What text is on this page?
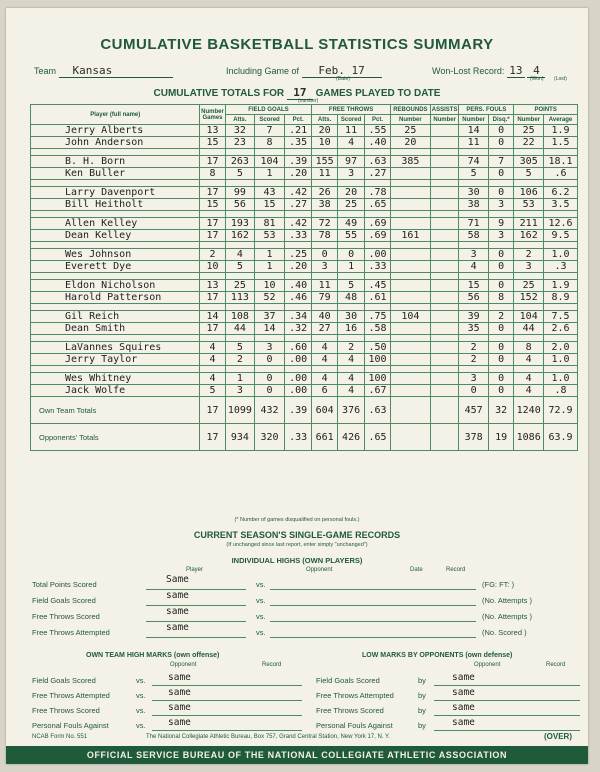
CUMULATIVE BASKETBALL STATISTICS SUMMARY
Team Kansas	Including Game of Feb. 17
(Date)
Won-Lost Record: 13 4
(Won) (Lost)
CUMULATIVE TOTALS FOR 17 GAMES PLAYED TO DATE
(number)
Player (full name)	Number Games	FIELD GOALS			FREE THROWS			REBOUNDS	ASSISTS	PERS. FOULS		POINTS	
		Atts.	Scored	Pct.	Atts.	Scored	Pct.	Number	Number	Number	Disq.*	Number	Average
Jerry Alberts	13	32	7	.21	20	11	.55	25		14	0	25	1.9
John Anderson	15	23	8	.35	10	4	.40	20		11	0	22	1.5

B. H. Born	17	263	104	.39	155	97	.63	385		74	7	305	18.1
Ken Buller	8	5	1	.20	11	3	.27			5	0	5	.6

Larry Davenport	17	99	43	.42	26	20	.78			30	0	106	6.2
Bill Heitholt	15	56	15	.27	38	25	.65			38	3	53	3.5

Allen Kelley	17	193	81	.42	72	49	.69			71	9	211	12.6
Dean Kelley	17	162	53	.33	78	55	.69	161		58	3	162	9.5

Wes Johnson	2	4	1	.25	0	0	.00			3	0	2	1.0
Everett Dye	10	5	1	.20	3	1	.33			4	0	3	.3

Eldon Nicholson	13	25	10	.40	11	5	.45			15	0	25	1.9
Harold Patterson	17	113	52	.46	79	48	.61			56	8	152	8.9

Gil Reich	14	108	37	.34	40	30	.75	104		39	2	104	7.5
Dean Smith	17	44	14	.32	27	16	.58			35	0	44	2.6

LaVannes Squires	4	5	3	.60	4	2	.50			2	0	8	2.0
Jerry Taylor	4	2	0	.00	4	4	100			2	0	4	1.0

Wes Whitney	4	1	0	.00	4	4	100			3	0	4	1.0
Jack Wolfe	5	3	0	.00	6	4	.67			0	0	4	.8
Own Team Totals	17	1099	432	.39	604	376	.63			457	32	1240	72.9
Opponents' Totals	17	934	320	.33	661	426	.65			378	19	1086	63.9
(* Number of games disqualified on personal fouls.)
CURRENT SEASON'S SINGLE-GAME RECORDS
(If unchanged since last report, enter simply "unchanged")
INDIVIDUAL HIGHS (OWN PLAYERS)
Player	Opponent	Date	Record
Total Points Scored	Same	vs.	(FG: FT: )
Field Goals Scored	same	vs.	(No. Attempts )
Free Throws Scored	same	vs.	(No. Attempts )
Free Throws Attempted	same	vs.	(No. Scored )
OWN TEAM HIGH MARKS (own offense)	LOW MARKS BY OPPONENTS (own defense)
Opponent	Record	Opponent	Record
Field Goals Scored	vs. same
Free Throws Attempted	vs. same
Free Throws Scored	vs. same
Personal Fouls Against	vs. same
Field Goals Scored	by	same
Free Throws Attempted	by	same
Free Throws Scored	by	same
Personal Fouls Against	by	same
NCAB Form No. 551	The National Collegiate Athletic Bureau, Box 757, Grand Central Station, New York 17, N. Y.	(OVER)
OFFICIAL SERVICE BUREAU OF THE NATIONAL COLLEGIATE ATHLETIC ASSOCIATION
